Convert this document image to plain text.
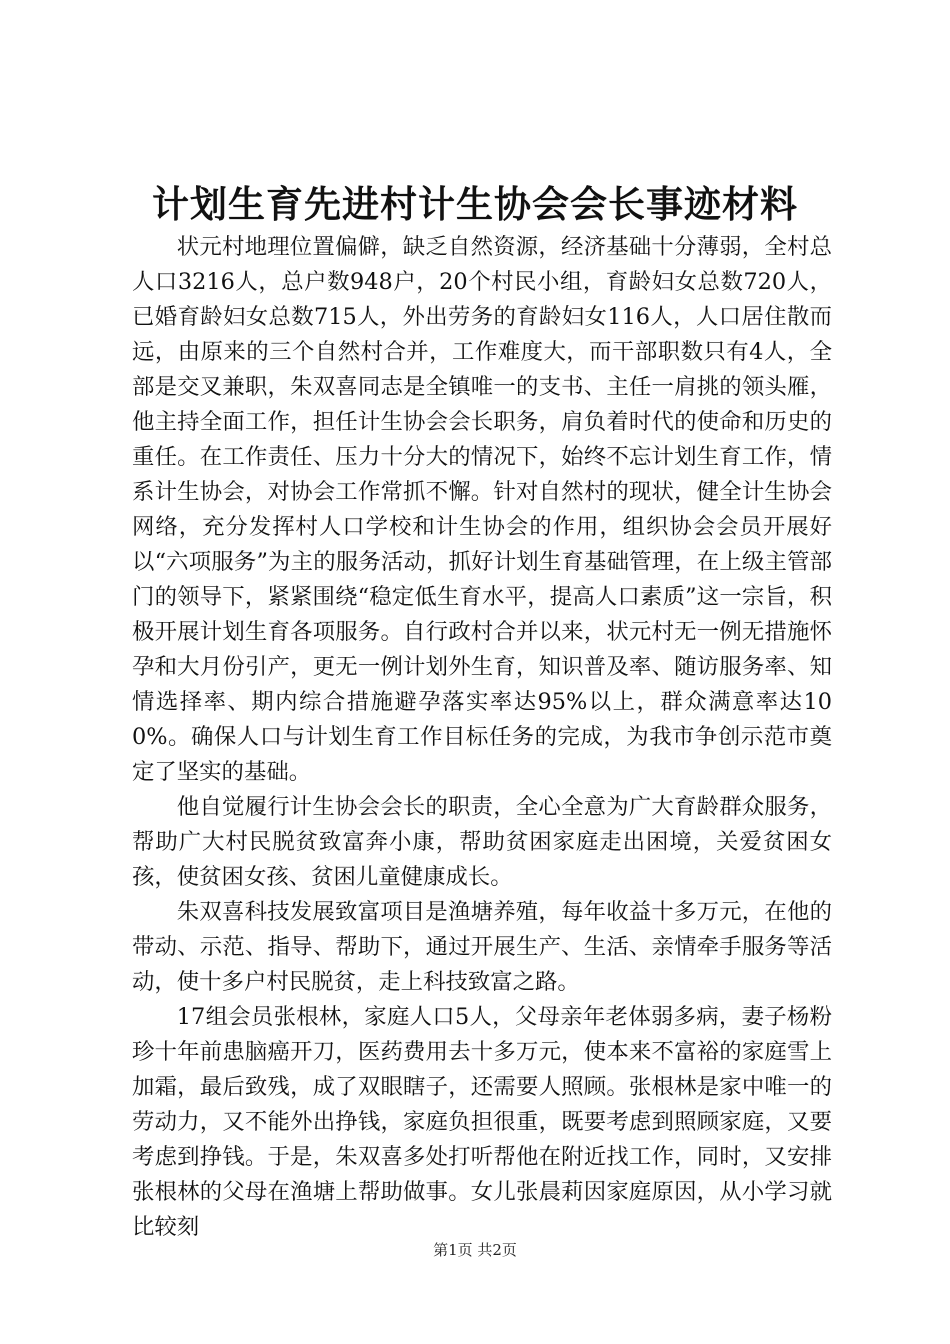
计划生育先进村计生协会会长事迹材料

状元村地理位置偏僻，缺乏自然资源，经济基础十分薄弱，全村总人口3216人，总户数948户，20个村民小组，育龄妇女总数720人，已婚育龄妇女总数715人，外出劳务的育龄妇女116人，人口居住散而远，由原来的三个自然村合并，工作难度大，而干部职数只有4人，全部是交叉兼职，朱双喜同志是全镇唯一的支书、主任一肩挑的领头雁，他主持全面工作，担任计生协会会长职务，肩负着时代的使命和历史的重任。在工作责任、压力十分大的情况下，始终不忘计划生育工作，情系计生协会，对协会工作常抓不懈。针对自然村的现状，健全计生协会网络，充分发挥村人口学校和计生协会的作用，组织协会会员开展好以“六项服务”为主的服务活动，抓好计划生育基础管理，在上级主管部门的领导下，紧紧围绕“稳定低生育水平，提高人口素质”这一宗旨，积极开展计划生育各项服务。自行政村合并以来，状元村无一例无措施怀孕和大月份引产，更无一例计划外生育，知识普及率、随访服务率、知情选择率、期内综合措施避孕落实率达95%以上，群众满意率达100%。确保人口与计划生育工作目标任务的完成，为我市争创示范市奠定了坚实的基础。

他自觉履行计生协会会长的职责，全心全意为广大育龄群众服务，帮助广大村民脱贫致富奔小康，帮助贫困家庭走出困境，关爱贫困女孩，使贫困女孩、贫困儿童健康成长。

朱双喜科技发展致富项目是渔塘养殖，每年收益十多万元，在他的带动、示范、指导、帮助下，通过开展生产、生活、亲情牵手服务等活动，使十多户村民脱贫，走上科技致富之路。

17组会员张根林，家庭人口5人，父母亲年老体弱多病，妻子杨粉珍十年前患脑癌开刀，医药费用去十多万元，使本来不富裕的家庭雪上加霜，最后致残，成了双眼瞎子，还需要人照顾。张根林是家中唯一的劳动力，又不能外出挣钱，家庭负担很重，既要考虑到照顾家庭，又要考虑到挣钱。于是，朱双喜多处打听帮他在附近找工作，同时，又安排张根林的父母在渔塘上帮助做事。女儿张晨莉因家庭原因，从小学习就比较刻

第1页 共2页
